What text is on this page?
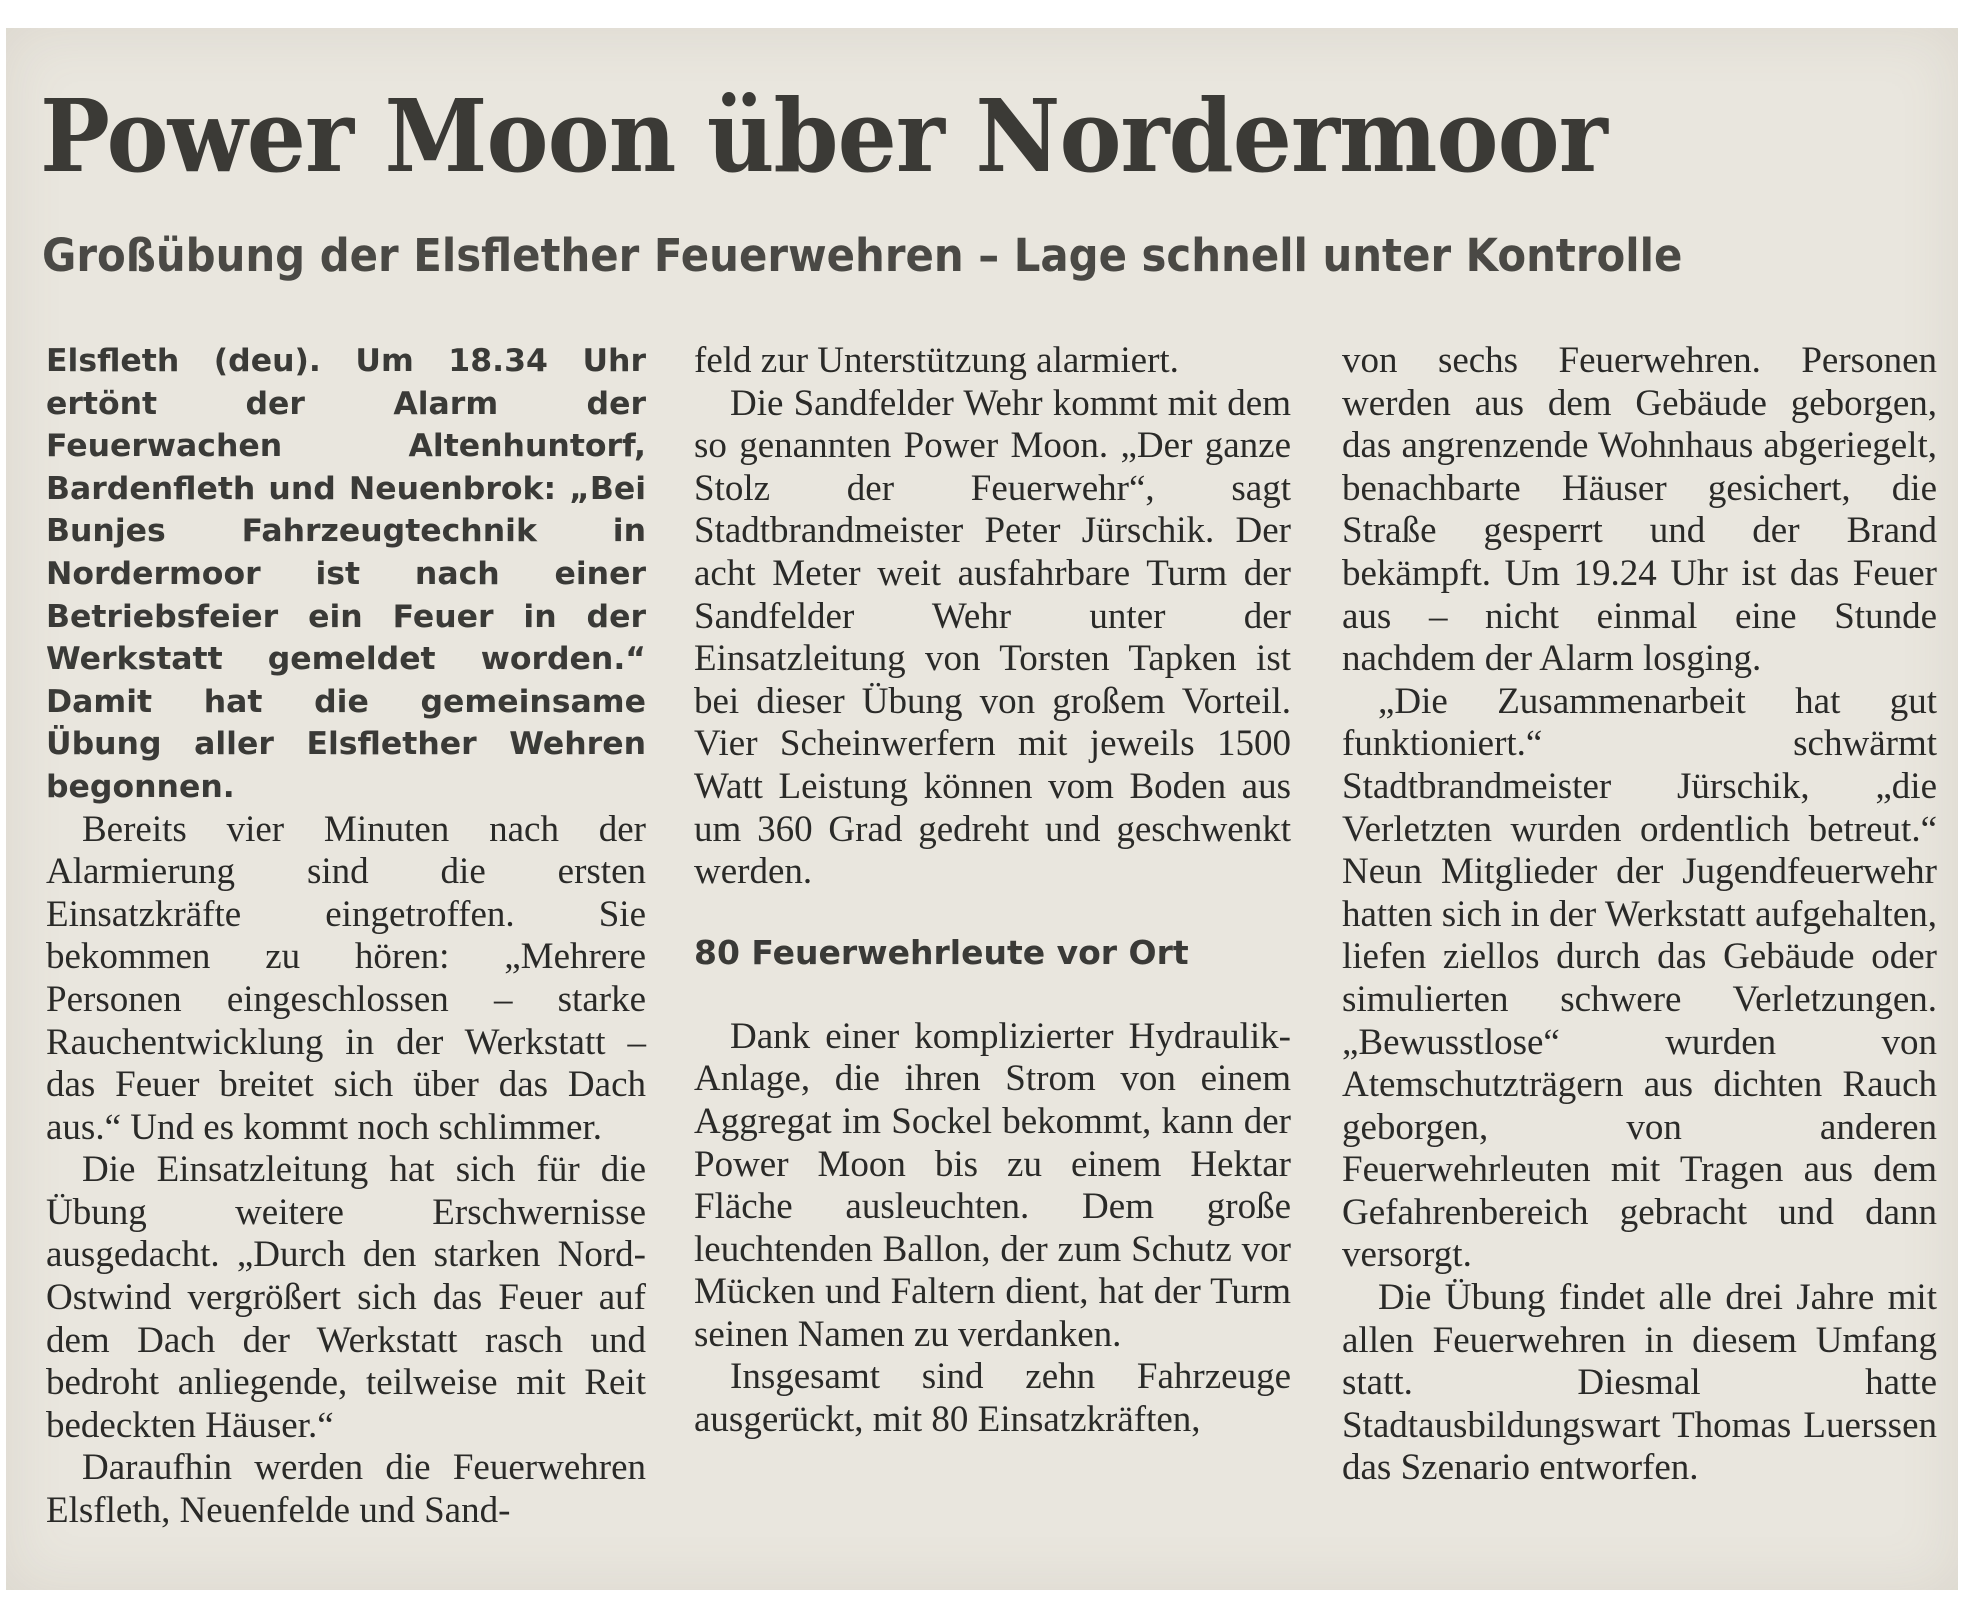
Power Moon über Nordermoor
Großübung der Elsflether Feuerwehren – Lage schnell unter Kontrolle

Elsfleth (deu). Um 18.34 Uhr ertönt der Alarm der Feuerwachen Altenhuntorf, Bardenfleth und Neuenbrok: „Bei Bunjes Fahrzeugtechnik in Nordermoor ist nach einer Betriebsfeier ein Feuer in der Werkstatt gemeldet worden.“ Damit hat die gemeinsame Übung aller Elsflether Wehren begonnen.

Bereits vier Minuten nach der Alarmierung sind die ersten Einsatzkräfte eingetroffen. Sie bekommen zu hören: „Mehrere Personen eingeschlossen – starke Rauchentwicklung in der Werkstatt – das Feuer breitet sich über das Dach aus.“ Und es kommt noch schlimmer.

Die Einsatzleitung hat sich für die Übung weitere Erschwernisse ausgedacht. „Durch den starken Nord-Ostwind vergrößert sich das Feuer auf dem Dach der Werkstatt rasch und bedroht anliegende, teilweise mit Reit bedeckten Häuser.“

Daraufhin werden die Feuerwehren Elsfleth, Neuenfelde und Sand-

feld zur Unterstützung alarmiert.

Die Sandfelder Wehr kommt mit dem so genannten Power Moon. „Der ganze Stolz der Feuerwehr“, sagt Stadtbrandmeister Peter Jürschik. Der acht Meter weit ausfahrbare Turm der Sandfelder Wehr unter der Einsatzleitung von Torsten Tapken ist bei dieser Übung von großem Vorteil. Vier Scheinwerfern mit jeweils 1500 Watt Leistung können vom Boden aus um 360 Grad gedreht und geschwenkt werden.

80 Feuerwehrleute vor Ort

Dank einer komplizierter Hydraulik-Anlage, die ihren Strom von einem Aggregat im Sockel bekommt, kann der Power Moon bis zu einem Hektar Fläche ausleuchten. Dem große leuchtenden Ballon, der zum Schutz vor Mücken und Faltern dient, hat der Turm seinen Namen zu verdanken.

Insgesamt sind zehn Fahrzeuge ausgerückt, mit 80 Einsatzkräften,

von sechs Feuerwehren. Personen werden aus dem Gebäude geborgen, das angrenzende Wohnhaus abgeriegelt, benachbarte Häuser gesichert, die Straße gesperrt und der Brand bekämpft. Um 19.24 Uhr ist das Feuer aus – nicht einmal eine Stunde nachdem der Alarm losging.

„Die Zusammenarbeit hat gut funktioniert.“ schwärmt Stadtbrandmeister Jürschik, „die Verletzten wurden ordentlich betreut.“ Neun Mitglieder der Jugendfeuerwehr hatten sich in der Werkstatt aufgehalten, liefen ziellos durch das Gebäude oder simulierten schwere Verletzungen. „Bewusstlose“ wurden von Atemschutzträgern aus dichten Rauch geborgen, von anderen Feuerwehrleuten mit Tragen aus dem Gefahrenbereich gebracht und dann versorgt.

Die Übung findet alle drei Jahre mit allen Feuerwehren in diesem Umfang statt. Diesmal hatte Stadtausbildungswart Thomas Luerssen das Szenario entworfen.
